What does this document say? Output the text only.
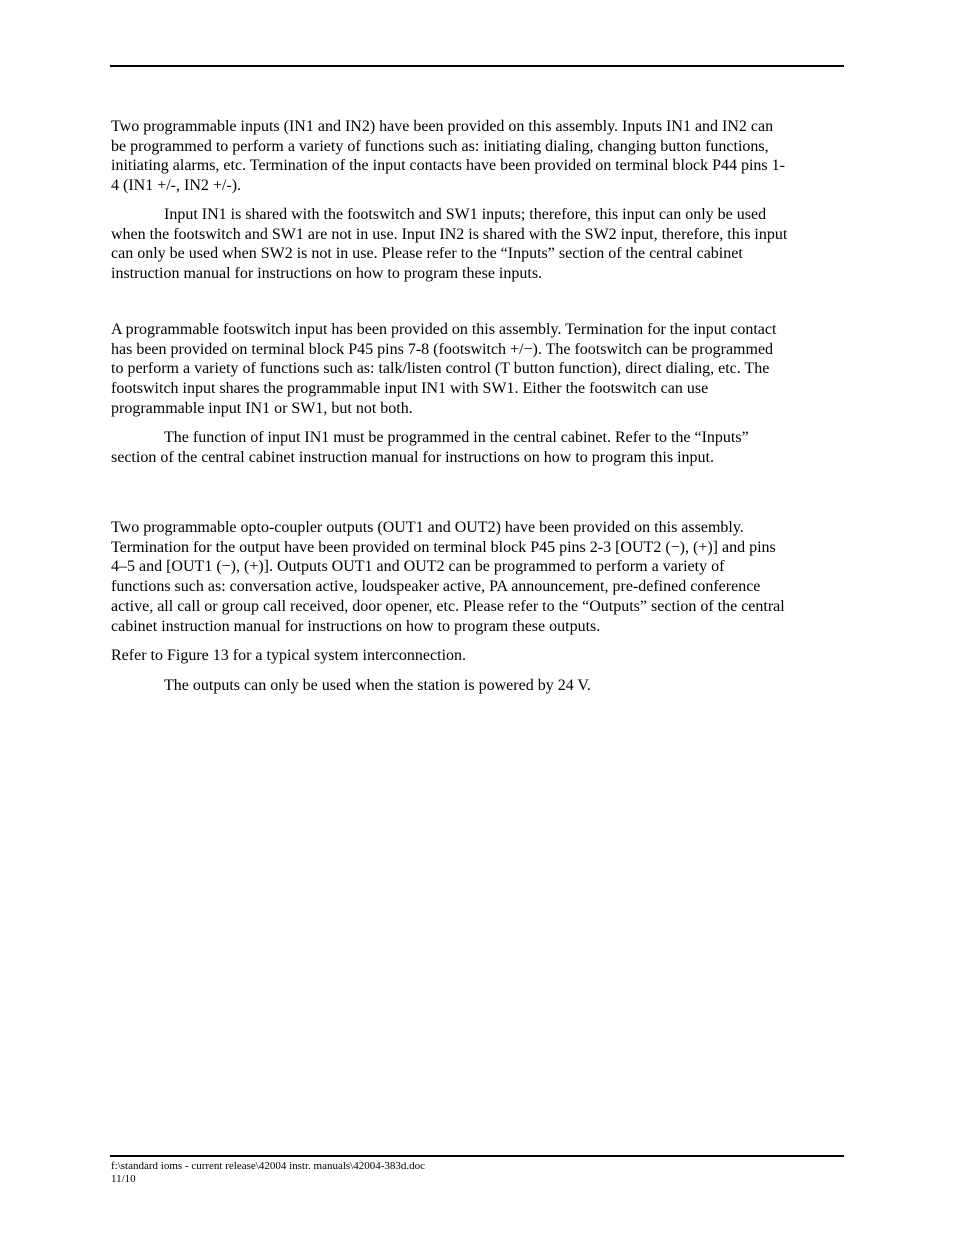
Two programmable inputs (IN1 and IN2) have been provided on this assembly. Inputs IN1 and IN2 can
be programmed to perform a variety of functions such as: initiating dialing, changing button functions,
initiating alarms, etc. Termination of the input contacts have been provided on terminal block P44 pins 1-
4 (IN1 +/-, IN2 +/-).

Input IN1 is shared with the footswitch and SW1 inputs; therefore, this input can only be used
when the footswitch and SW1 are not in use. Input IN2 is shared with the SW2 input, therefore, this input
can only be used when SW2 is not in use. Please refer to the “Inputs” section of the central cabinet
instruction manual for instructions on how to program these inputs.

A programmable footswitch input has been provided on this assembly. Termination for the input contact
has been provided on terminal block P45 pins 7-8 (footswitch +/−). The footswitch can be programmed
to perform a variety of functions such as: talk/listen control (T button function), direct dialing, etc. The
footswitch input shares the programmable input IN1 with SW1. Either the footswitch can use
programmable input IN1 or SW1, but not both.

The function of input IN1 must be programmed in the central cabinet. Refer to the “Inputs”
section of the central cabinet instruction manual for instructions on how to program this input.

Two programmable opto-coupler outputs (OUT1 and OUT2) have been provided on this assembly.
Termination for the output have been provided on terminal block P45 pins 2-3 [OUT2 (−), (+)] and pins
4–5 and [OUT1 (−), (+)]. Outputs OUT1 and OUT2 can be programmed to perform a variety of
functions such as: conversation active, loudspeaker active, PA announcement, pre-defined conference
active, all call or group call received, door opener, etc. Please refer to the “Outputs” section of the central
cabinet instruction manual for instructions on how to program these outputs.

Refer to Figure 13 for a typical system interconnection.

The outputs can only be used when the station is powered by 24 V.

f:\standard ioms - current release\42004 instr. manuals\42004-383d.doc
11/10
